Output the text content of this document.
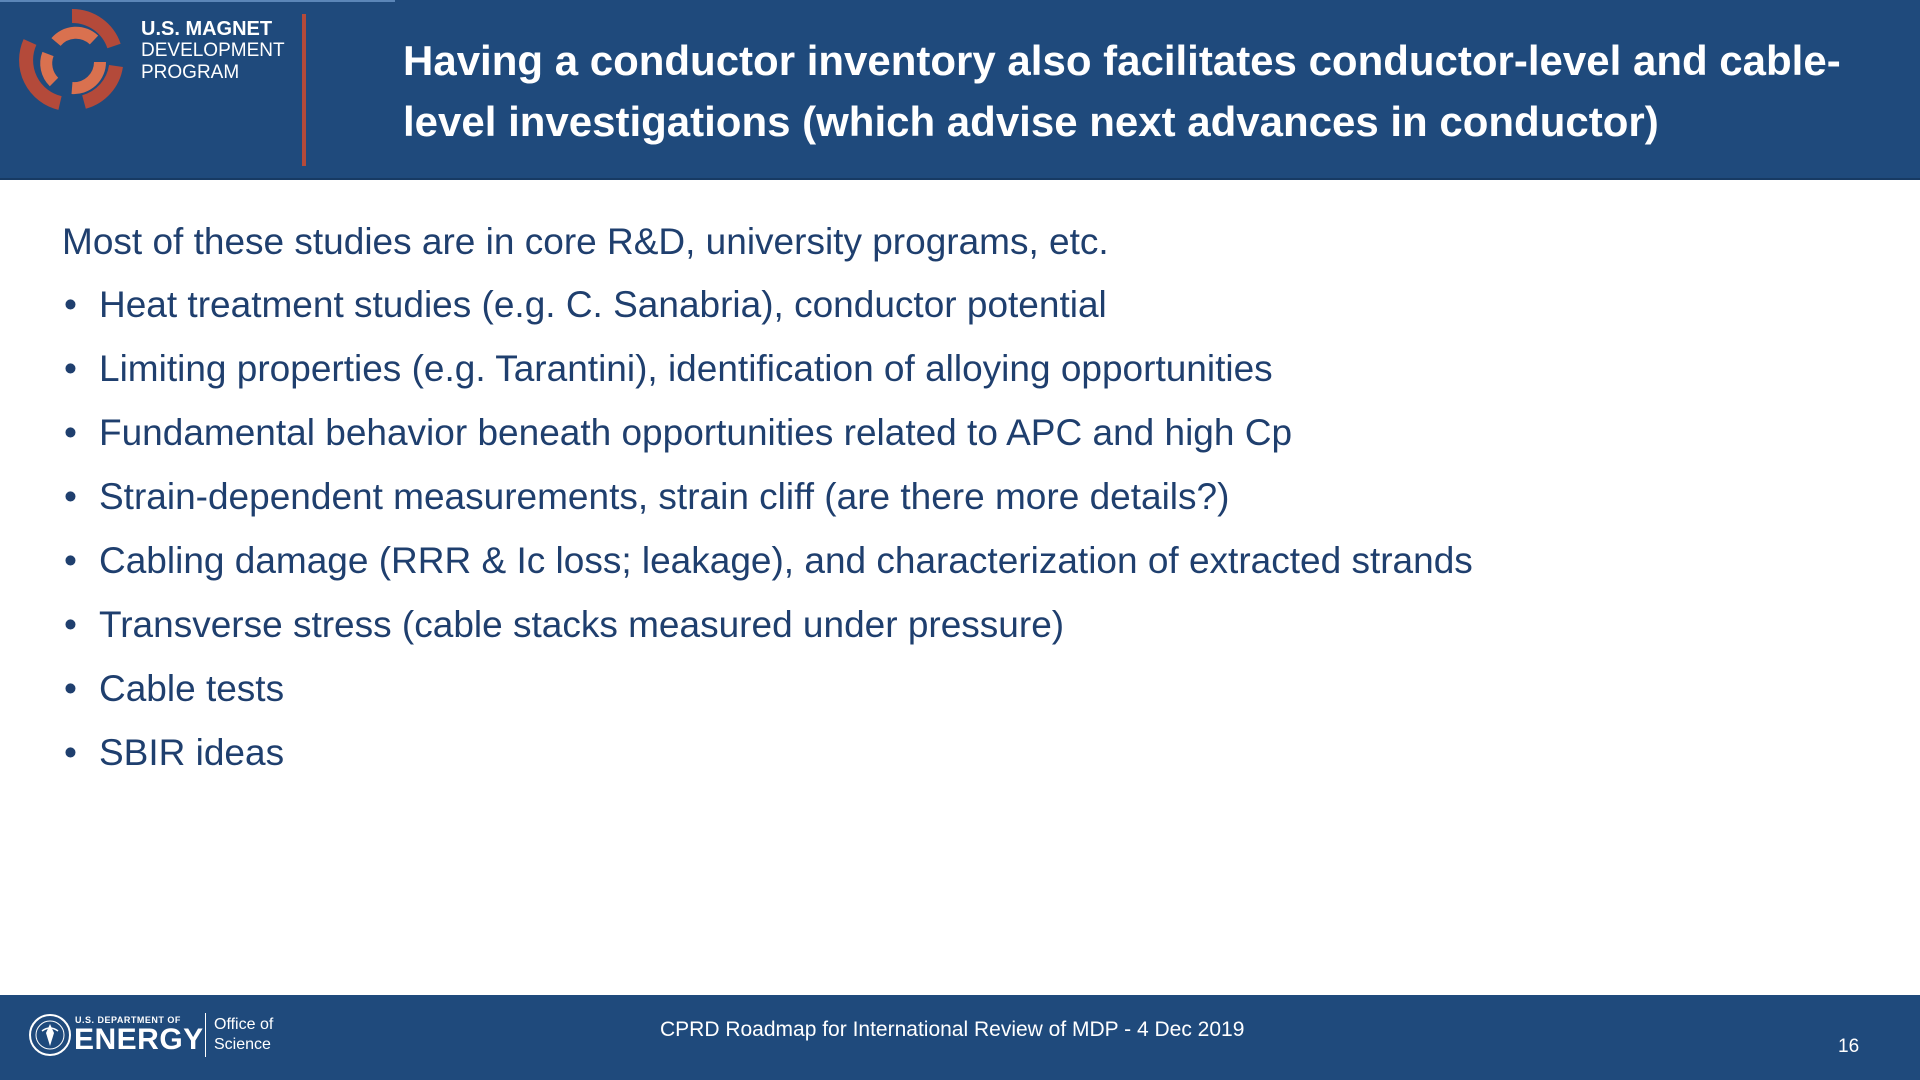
U.S. MAGNET
DEVELOPMENT
PROGRAM	Having a conductor inventory also facilitates conductor-level and cable-
level investigations (which advise next advances in conductor)
Most of these studies are in core R&D, university programs, etc.
• Heat treatment studies (e.g. C. Sanabria), conductor potential
• Limiting properties (e.g. Tarantini), identification of alloying opportunities
• Fundamental behavior beneath opportunities related to APC and high Cp
• Strain-dependent measurements, strain cliff (are there more details?)
• Cabling damage (RRR & Ic loss; leakage), and characterization of extracted strands
• Transverse stress (cable stacks measured under pressure)
• Cable tests
• SBIR ideas
U.S. DEPARTMENT OF
ENERGY Office of
Science
CPRD Roadmap for International Review of MDP - 4 Dec 2019
16
